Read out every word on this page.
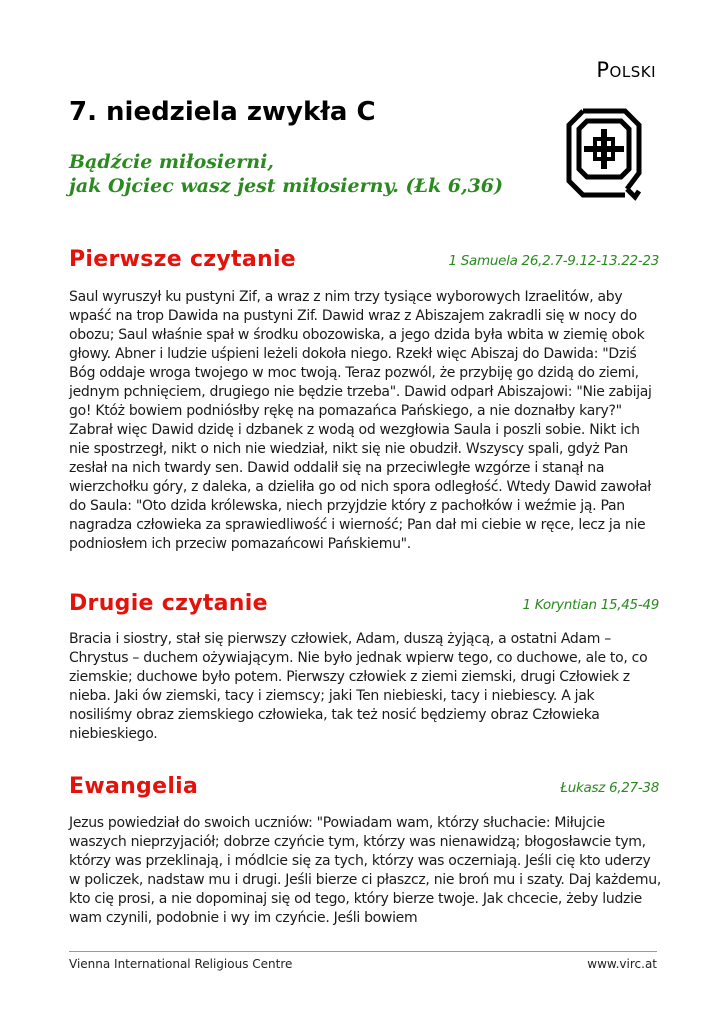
Polski
7. niedziela zwykła C
Bądźcie miłosierni,
jak Ojciec wasz jest miłosierny. (Łk 6,36)
Pierwsze czytanie	1 Samuela 26,2.7-9.12-13.22-23

Saul wyruszył ku pustyni Zif, a wraz z nim trzy tysiące wyborowych Izraelitów, aby wpaść na trop Dawida na pustyni Zif. Dawid wraz z Abiszajem zakradli się w nocy do obozu; Saul właśnie spał w środku obozowiska, a jego dzida była wbita w ziemię obok głowy. Abner i ludzie uśpieni leżeli dokoła niego. Rzekł więc Abiszaj do Dawida: "Dziś Bóg oddaje wroga twojego w moc twoją. Teraz pozwól, że przybiję go dzidą do ziemi, jednym pchnięciem, drugiego nie będzie trzeba". Dawid odparł Abiszajowi: "Nie zabijaj go! Któż bowiem podniósłby rękę na pomazańca Pańskiego, a nie doznałby kary?" Zabrał więc Dawid dzidę i dzbanek z wodą od wezgłowia Saula i poszli sobie. Nikt ich nie spostrzegł, nikt o nich nie wiedział, nikt się nie obudził. Wszyscy spali, gdyż Pan zesłał na nich twardy sen. Dawid oddalił się na przeciwległe wzgórze i stanął na wierzchołku góry, z daleka, a dzieliła go od nich spora odległość. Wtedy Dawid zawołał do Saula: "Oto dzida królewska, niech przyjdzie który z pachołków i weźmie ją. Pan nagradza człowieka za sprawiedliwość i wierność; Pan dał mi ciebie w ręce, lecz ja nie podniosłem ich przeciw pomazańcowi Pańskiemu".

Drugie czytanie	1 Koryntian 15,45-49

Bracia i siostry, stał się pierwszy człowiek, Adam, duszą żyjącą, a ostatni Adam – Chrystus – duchem ożywiającym. Nie było jednak wpierw tego, co duchowe, ale to, co ziemskie; duchowe było potem. Pierwszy człowiek z ziemi ziemski, drugi Człowiek z nieba. Jaki ów ziemski, tacy i ziemscy; jaki Ten niebieski, tacy i niebiescy. A jak nosiliśmy obraz ziemskiego człowieka, tak też nosić będziemy obraz Człowieka niebieskiego.

Ewangelia	Łukasz 6,27-38

Jezus powiedział do swoich uczniów: "Powiadam wam, którzy słuchacie: Miłujcie waszych nieprzyjaciół; dobrze czyńcie tym, którzy was nienawidzą; błogosławcie tym, którzy was przeklinają, i módlcie się za tych, którzy was oczerniają. Jeśli cię kto uderzy w policzek, nadstaw mu i drugi. Jeśli bierze ci płaszcz, nie broń mu i szaty. Daj każdemu, kto cię prosi, a nie dopominaj się od tego, który bierze twoje. Jak chcecie, żeby ludzie wam czynili, podobnie i wy im czyńcie. Jeśli bowiem

Vienna International Religious Centre	www.virc.at
